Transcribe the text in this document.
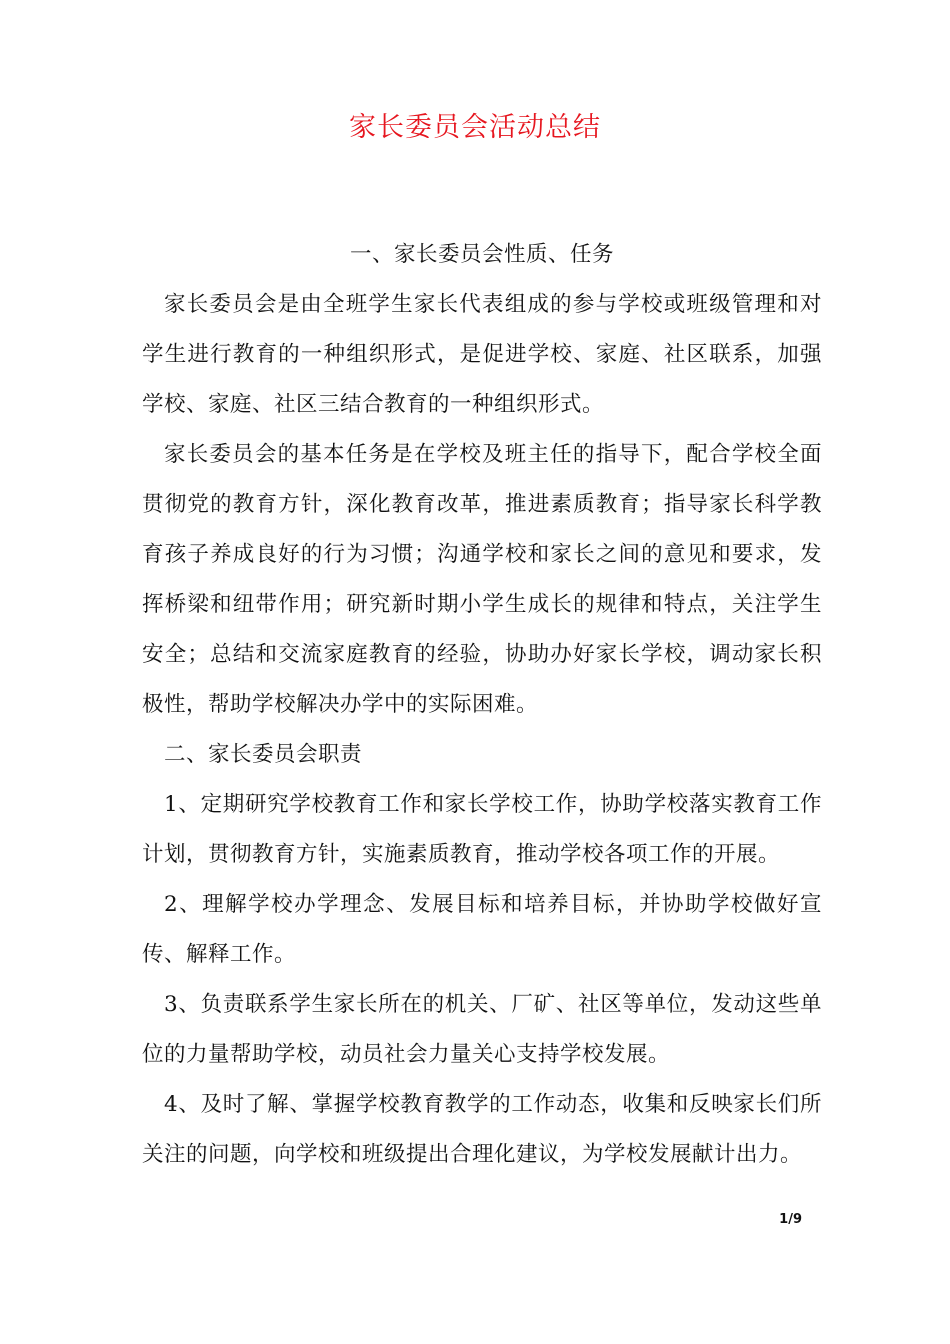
家长委员会活动总结

一、家长委员会性质、任务

家长委员会是由全班学生家长代表组成的参与学校或班级管理和对学生进行教育的一种组织形式，是促进学校、家庭、社区联系，加强学校、家庭、社区三结合教育的一种组织形式。

家长委员会的基本任务是在学校及班主任的指导下，配合学校全面贯彻党的教育方针，深化教育改革，推进素质教育；指导家长科学教育孩子养成良好的行为习惯；沟通学校和家长之间的意见和要求，发挥桥梁和纽带作用；研究新时期小学生成长的规律和特点，关注学生安全；总结和交流家庭教育的经验，协助办好家长学校，调动家长积极性，帮助学校解决办学中的实际困难。

二、家长委员会职责

1、定期研究学校教育工作和家长学校工作，协助学校落实教育工作计划，贯彻教育方针，实施素质教育，推动学校各项工作的开展。

2、理解学校办学理念、发展目标和培养目标，并协助学校做好宣传、解释工作。

3、负责联系学生家长所在的机关、厂矿、社区等单位，发动这些单位的力量帮助学校，动员社会力量关心支持学校发展。

4、及时了解、掌握学校教育教学的工作动态，收集和反映家长们所关注的问题，向学校和班级提出合理化建议，为学校发展献计出力。

1/9
